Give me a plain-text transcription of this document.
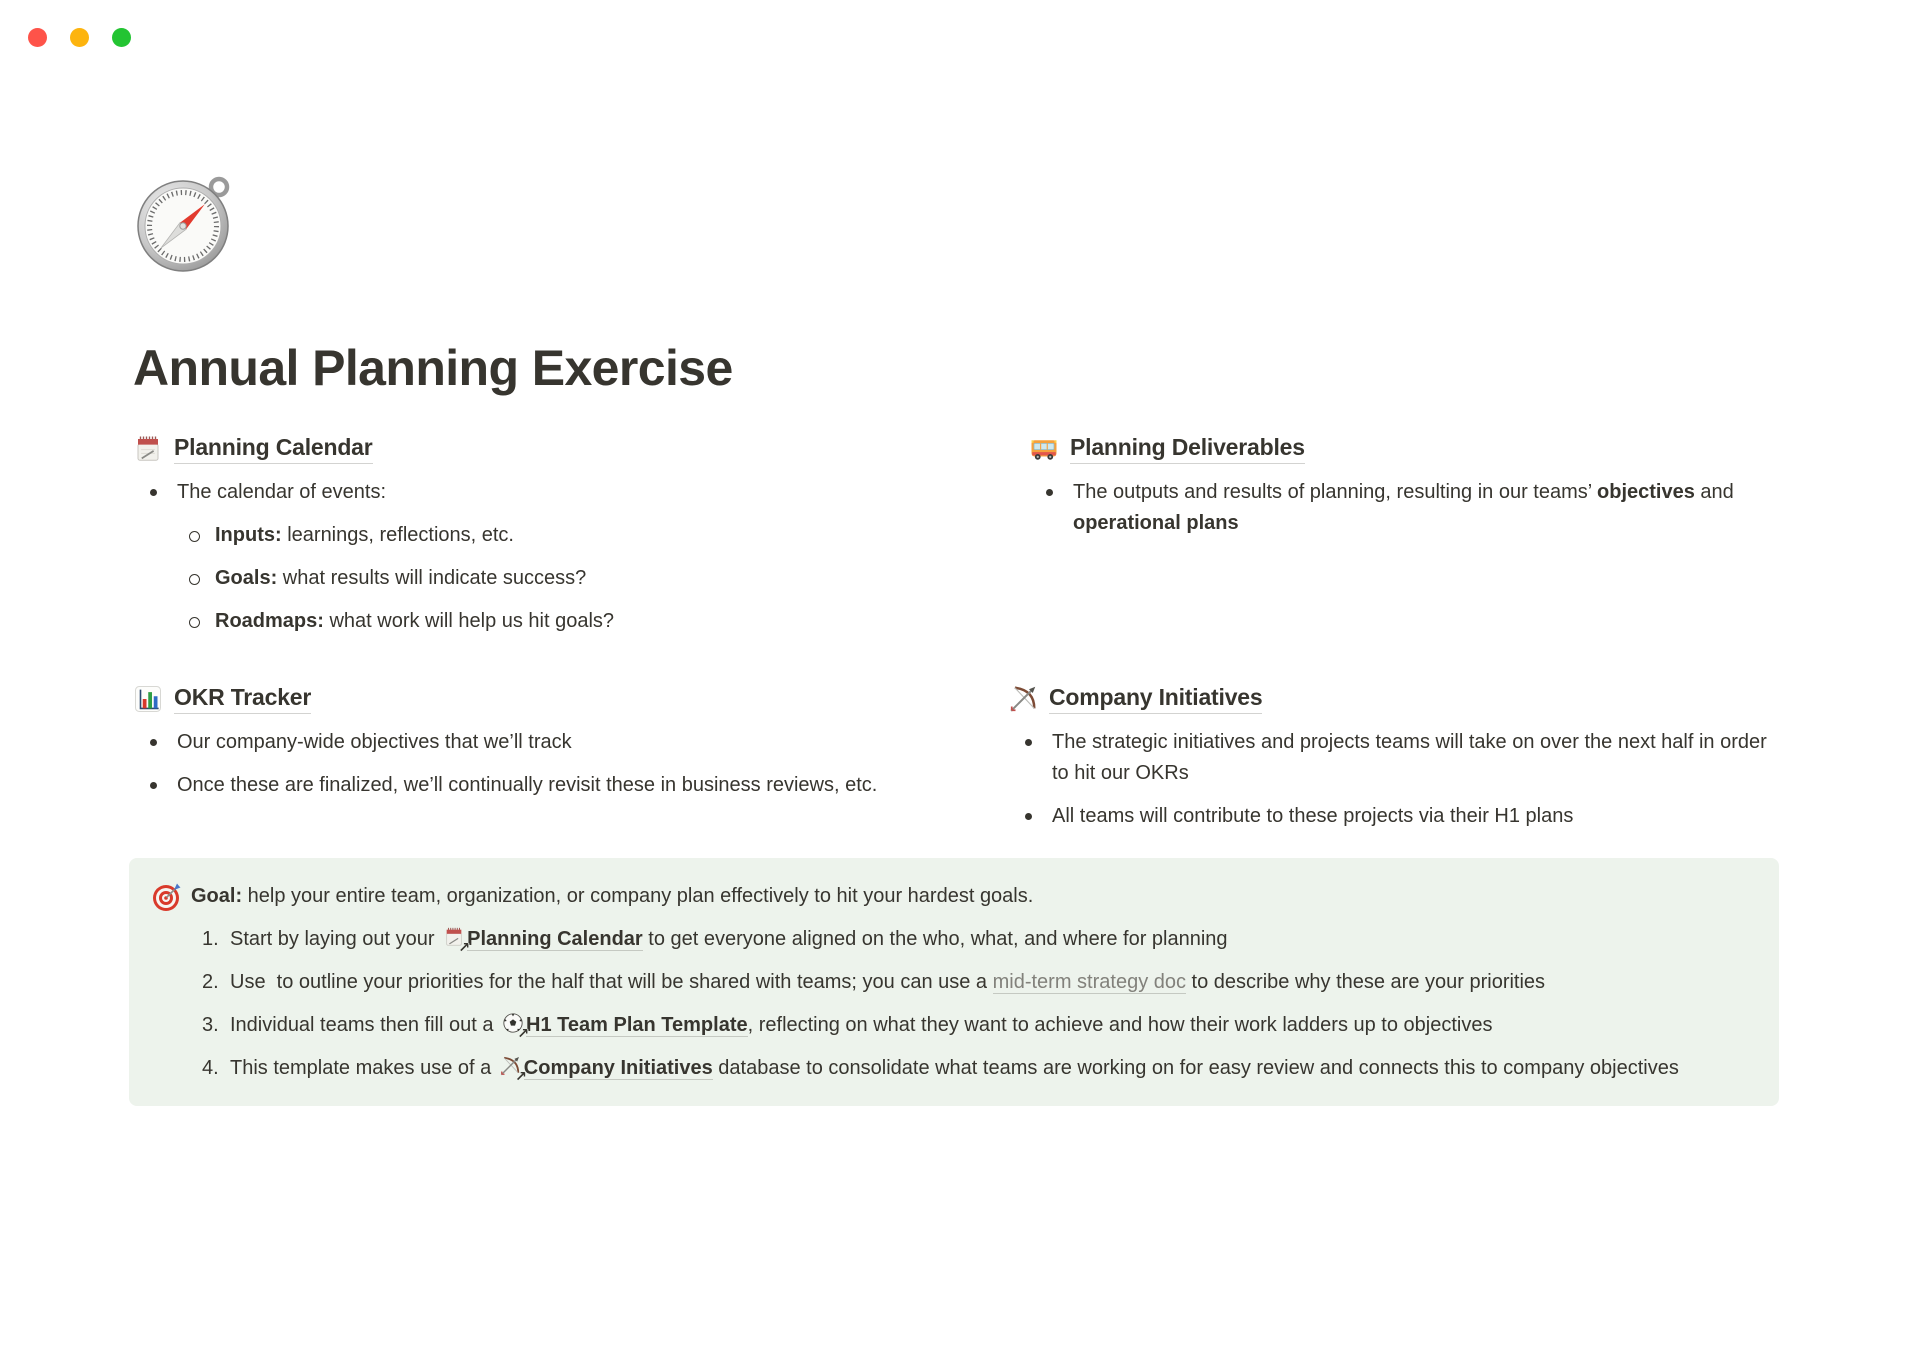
Annual Planning Exercise
Planning Calendar
The calendar of events:
Inputs: learnings, reflections, etc.
Goals: what results will indicate success?
Roadmaps: what work will help us hit goals?
Planning Deliverables
The outputs and results of planning, resulting in our teams’ objectives and operational plans
OKR Tracker
Our company-wide objectives that we’ll track
Once these are finalized, we’ll continually revisit these in business reviews, etc.
Company Initiatives
The strategic initiatives and projects teams will take on over the next half in order to hit our OKRs
All teams will contribute to these projects via their H1 plans
Goal: help your entire team, organization, or company plan effectively to hit your hardest goals.
1. Start by laying out your ↗
Planning Calendar to get everyone aligned on the who, what, and where for planning
2. Use  to outline your priorities for the half that will be shared with teams; you can use a mid-term strategy doc to describe why these are your priorities
3. Individual teams then fill out a ↗
H1 Team Plan Template, reflecting on what they want to achieve and how their work ladders up to objectives
4. This template makes use of a ↗
Company Initiatives database to consolidate what teams are working on for easy review and connects this to company objectives
